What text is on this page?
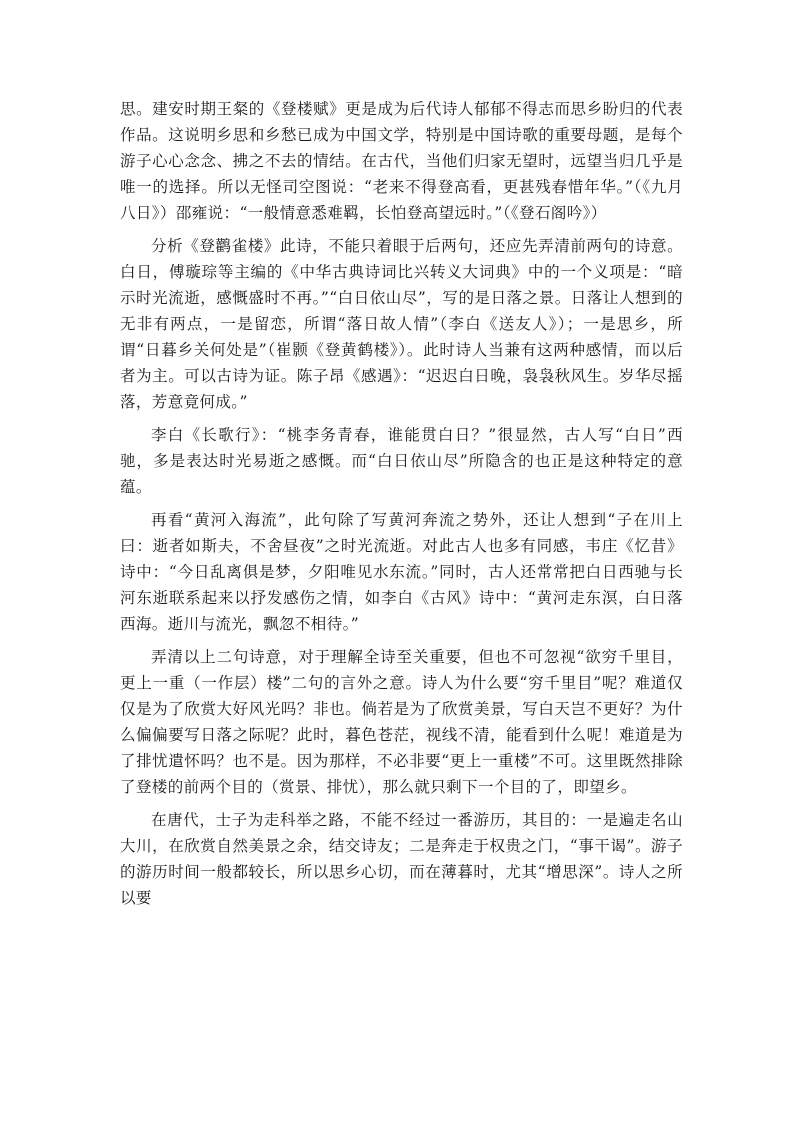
思。建安时期王粲的《登楼赋》更是成为后代诗人郁郁不得志而思乡盼归的代表作品。这说明乡思和乡愁已成为中国文学，特别是中国诗歌的重要母题，是每个游子心心念念、拂之不去的情结。在古代，当他们归家无望时，远望当归几乎是唯一的选择。所以无怪司空图说：“老来不得登高看，更甚残春惜年华。”（《九月八日》）邵雍说：“一般情意悉难羁，长怕登高望远时。”（《登石阁吟》）

分析《登鹳雀楼》此诗，不能只着眼于后两句，还应先弄清前两句的诗意。白日，傅璇琮等主编的《中华古典诗词比兴转义大词典》中的一个义项是：“暗示时光流逝，感慨盛时不再。”“白日依山尽”，写的是日落之景。日落让人想到的无非有两点，一是留恋，所谓“落日故人情”（李白《送友人》）；一是思乡，所谓“日暮乡关何处是”（崔颢《登黄鹤楼》）。此时诗人当兼有这两种感情，而以后者为主。可以古诗为证。陈子昂《感遇》：“迟迟白日晚，袅袅秋风生。岁华尽摇落，芳意竟何成。”

李白《长歌行》：“桃李务青春，谁能贯白日？”很显然，古人写“白日”西驰，多是表达时光易逝之感慨。而“白日依山尽”所隐含的也正是这种特定的意蕴。

再看“黄河入海流”，此句除了写黄河奔流之势外，还让人想到“子在川上曰：逝者如斯夫，不舍昼夜”之时光流逝。对此古人也多有同感，韦庄《忆昔》诗中：“今日乱离俱是梦，夕阳唯见水东流。”同时，古人还常常把白日西驰与长河东逝联系起来以抒发感伤之情，如李白《古风》诗中：“黄河走东溟，白日落西海。逝川与流光，飘忽不相待。”

弄清以上二句诗意，对于理解全诗至关重要，但也不可忽视“欲穷千里目，更上一重（一作层）楼”二句的言外之意。诗人为什么要“穷千里目”呢？难道仅仅是为了欣赏大好风光吗？非也。倘若是为了欣赏美景，写白天岂不更好？为什么偏偏要写日落之际呢？此时，暮色苍茫，视线不清，能看到什么呢！难道是为了排忧遣怀吗？也不是。因为那样，不必非要“更上一重楼”不可。这里既然排除了登楼的前两个目的（赏景、排忧），那么就只剩下一个目的了，即望乡。

在唐代，士子为走科举之路，不能不经过一番游历，其目的：一是遍走名山大川，在欣赏自然美景之余，结交诗友；二是奔走于权贵之门，“事干谒”。游子的游历时间一般都较长，所以思乡心切，而在薄暮时，尤其“增思深”。诗人之所以要
